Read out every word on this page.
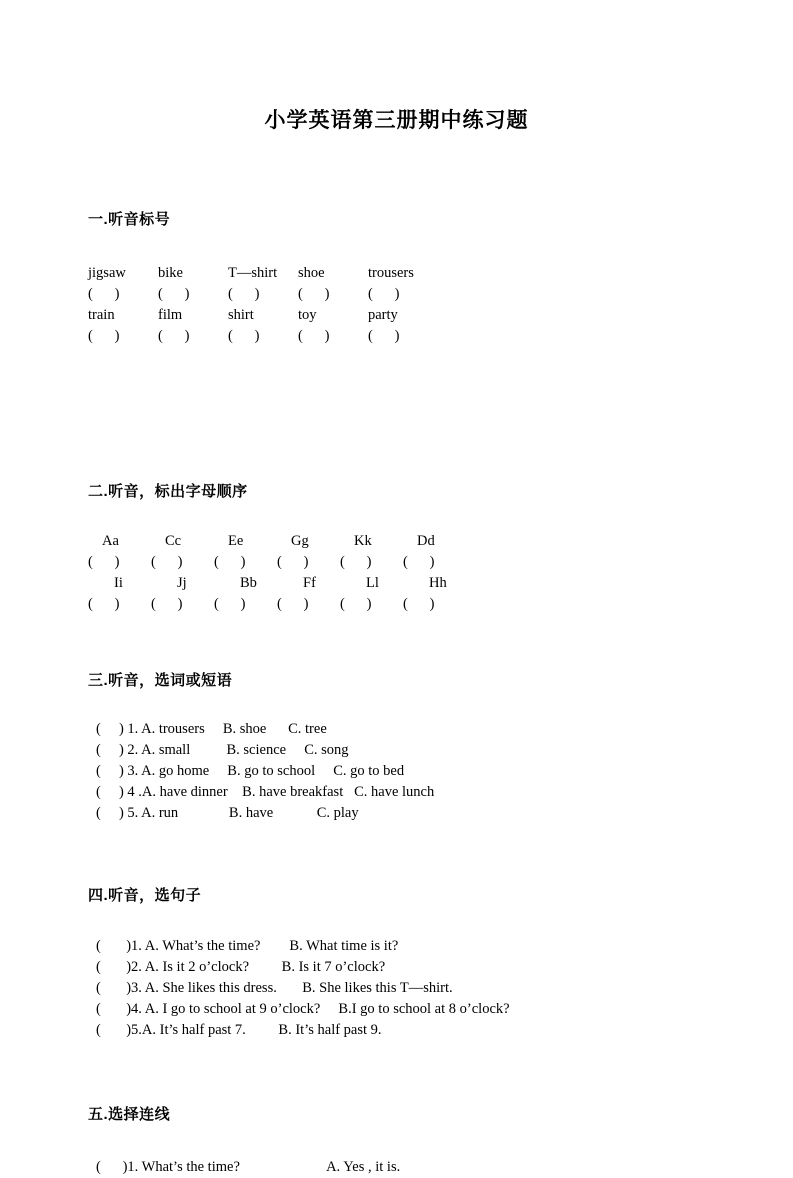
小学英语第三册期中练习题
一.听音标号
jigsaw	bike	T—shirt	shoe	trousers
(      )	(      )	(      )	(      )	(      )
train	film	shirt	toy	party
(      )	(      )	(      )	(      )	(      )
二.听音，标出字母顺序
Aa	Cc	Ee	Gg	Kk	Dd
(      )	(      )	(      )	(      )	(      )	(      )
Ii	Jj	Bb	Ff	Ll	Hh
(      )	(      )	(      )	(      )	(      )	(      )
三.听音，选词或短语
(     ) 1. A. trousers     B. shoe      C. tree
(     ) 2. A. small          B. science     C. song
(     ) 3. A. go home     B. go to school     C. go to bed
(     ) 4 .A. have dinner    B. have breakfast   C. have lunch
(     ) 5. A. run              B. have            C. play
四.听音，选句子
(       )1. A. What’s the time?        B. What time is it?
(       )2. A. Is it 2 o’clock?         B. Is it 7 o’clock?
(       )3. A. She likes this dress.       B. She likes this T—shirt.
(       )4. A. I go to school at 9 o’clock?     B.I go to school at 8 o’clock?
(       )5.A. It’s half past 7.         B. It’s half past 9.
五.选择连线
(      )1. What’s the time?                        A. Yes , it is.
